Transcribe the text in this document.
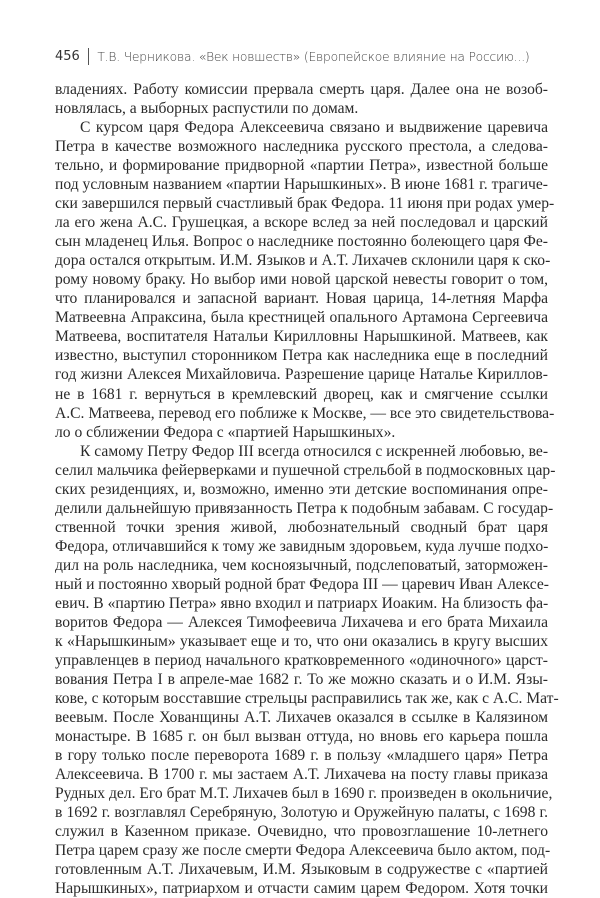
456 Т.В. Черникова. «Век новшеств» (Европейское влияние на Россию...)
владениях. Работу комиссии прервала смерть царя. Далее она не возоб-
новлялась, а выборных распустили по домам.
С курсом царя Федора Алексеевича связано и выдвижение царевича
Петра в качестве возможного наследника русского престола, а следова-
тельно, и формирование придворной «партии Петра», известной больше
под условным названием «партии Нарышкиных». В июне 1681 г. трагиче-
ски завершился первый счастливый брак Федора. 11 июня при родах умер-
ла его жена А.С. Грушецкая, а вскоре вслед за ней последовал и царский
сын младенец Илья. Вопрос о наследнике постоянно болеющего царя Фе-
дора остался открытым. И.М. Языков и А.Т. Лихачев склонили царя к ско-
рому новому браку. Но выбор ими новой царской невесты говорит о том,
что планировался и запасной вариант. Новая царица, 14-летняя Марфа
Матвеевна Апраксина, была крестницей опального Артамона Сергеевича
Матвеева, воспитателя Натальи Кирилловны Нарышкиной. Матвеев, как
известно, выступил сторонником Петра как наследника еще в последний
год жизни Алексея Михайловича. Разрешение царице Наталье Кириллов-
не в 1681 г. вернуться в кремлевский дворец, как и смягчение ссылки
А.С. Матвеева, перевод его поближе к Москве, — все это свидетельствова-
ло о сближении Федора с «партией Нарышкиных».
К самому Петру Федор III всегда относился с искренней любовью, ве-
селил мальчика фейерверками и пушечной стрельбой в подмосковных цар-
ских резиденциях, и, возможно, именно эти детские воспоминания опре-
делили дальнейшую привязанность Петра к подобным забавам. С государ-
ственной точки зрения живой, любознательный сводный брат царя
Федора, отличавшийся к тому же завидным здоровьем, куда лучше подхо-
дил на роль наследника, чем косноязычный, подслеповатый, заторможен-
ный и постоянно хворый родной брат Федора III — царевич Иван Алексе-
евич. В «партию Петра» явно входил и патриарх Иоаким. На близость фа-
воритов Федора — Алексея Тимофеевича Лихачева и его брата Михаила
к «Нарышкиным» указывает еще и то, что они оказались в кругу высших
управленцев в период начального кратковременного «одиночного» царст-
вования Петра I в апреле-мае 1682 г. То же можно сказать и о И.М. Язы-
кове, с которым восставшие стрельцы расправились так же, как с А.С. Мат-
веевым. После Хованщины А.Т. Лихачев оказался в ссылке в Калязином
монастыре. В 1685 г. он был вызван оттуда, но вновь его карьера пошла
в гору только после переворота 1689 г. в пользу «младшего царя» Петра
Алексеевича. В 1700 г. мы застаем А.Т. Лихачева на посту главы приказа
Рудных дел. Его брат М.Т. Лихачев был в 1690 г. произведен в окольничие,
в 1692 г. возглавлял Серебряную, Золотую и Оружейную палаты, с 1698 г.
служил в Казенном приказе. Очевидно, что провозглашение 10-летнего
Петра царем сразу же после смерти Федора Алексеевича было актом, под-
готовленным А.Т. Лихачевым, И.М. Языковым в содружестве с «партией
Нарышкиных», патриархом и отчасти самим царем Федором. Хотя точки
